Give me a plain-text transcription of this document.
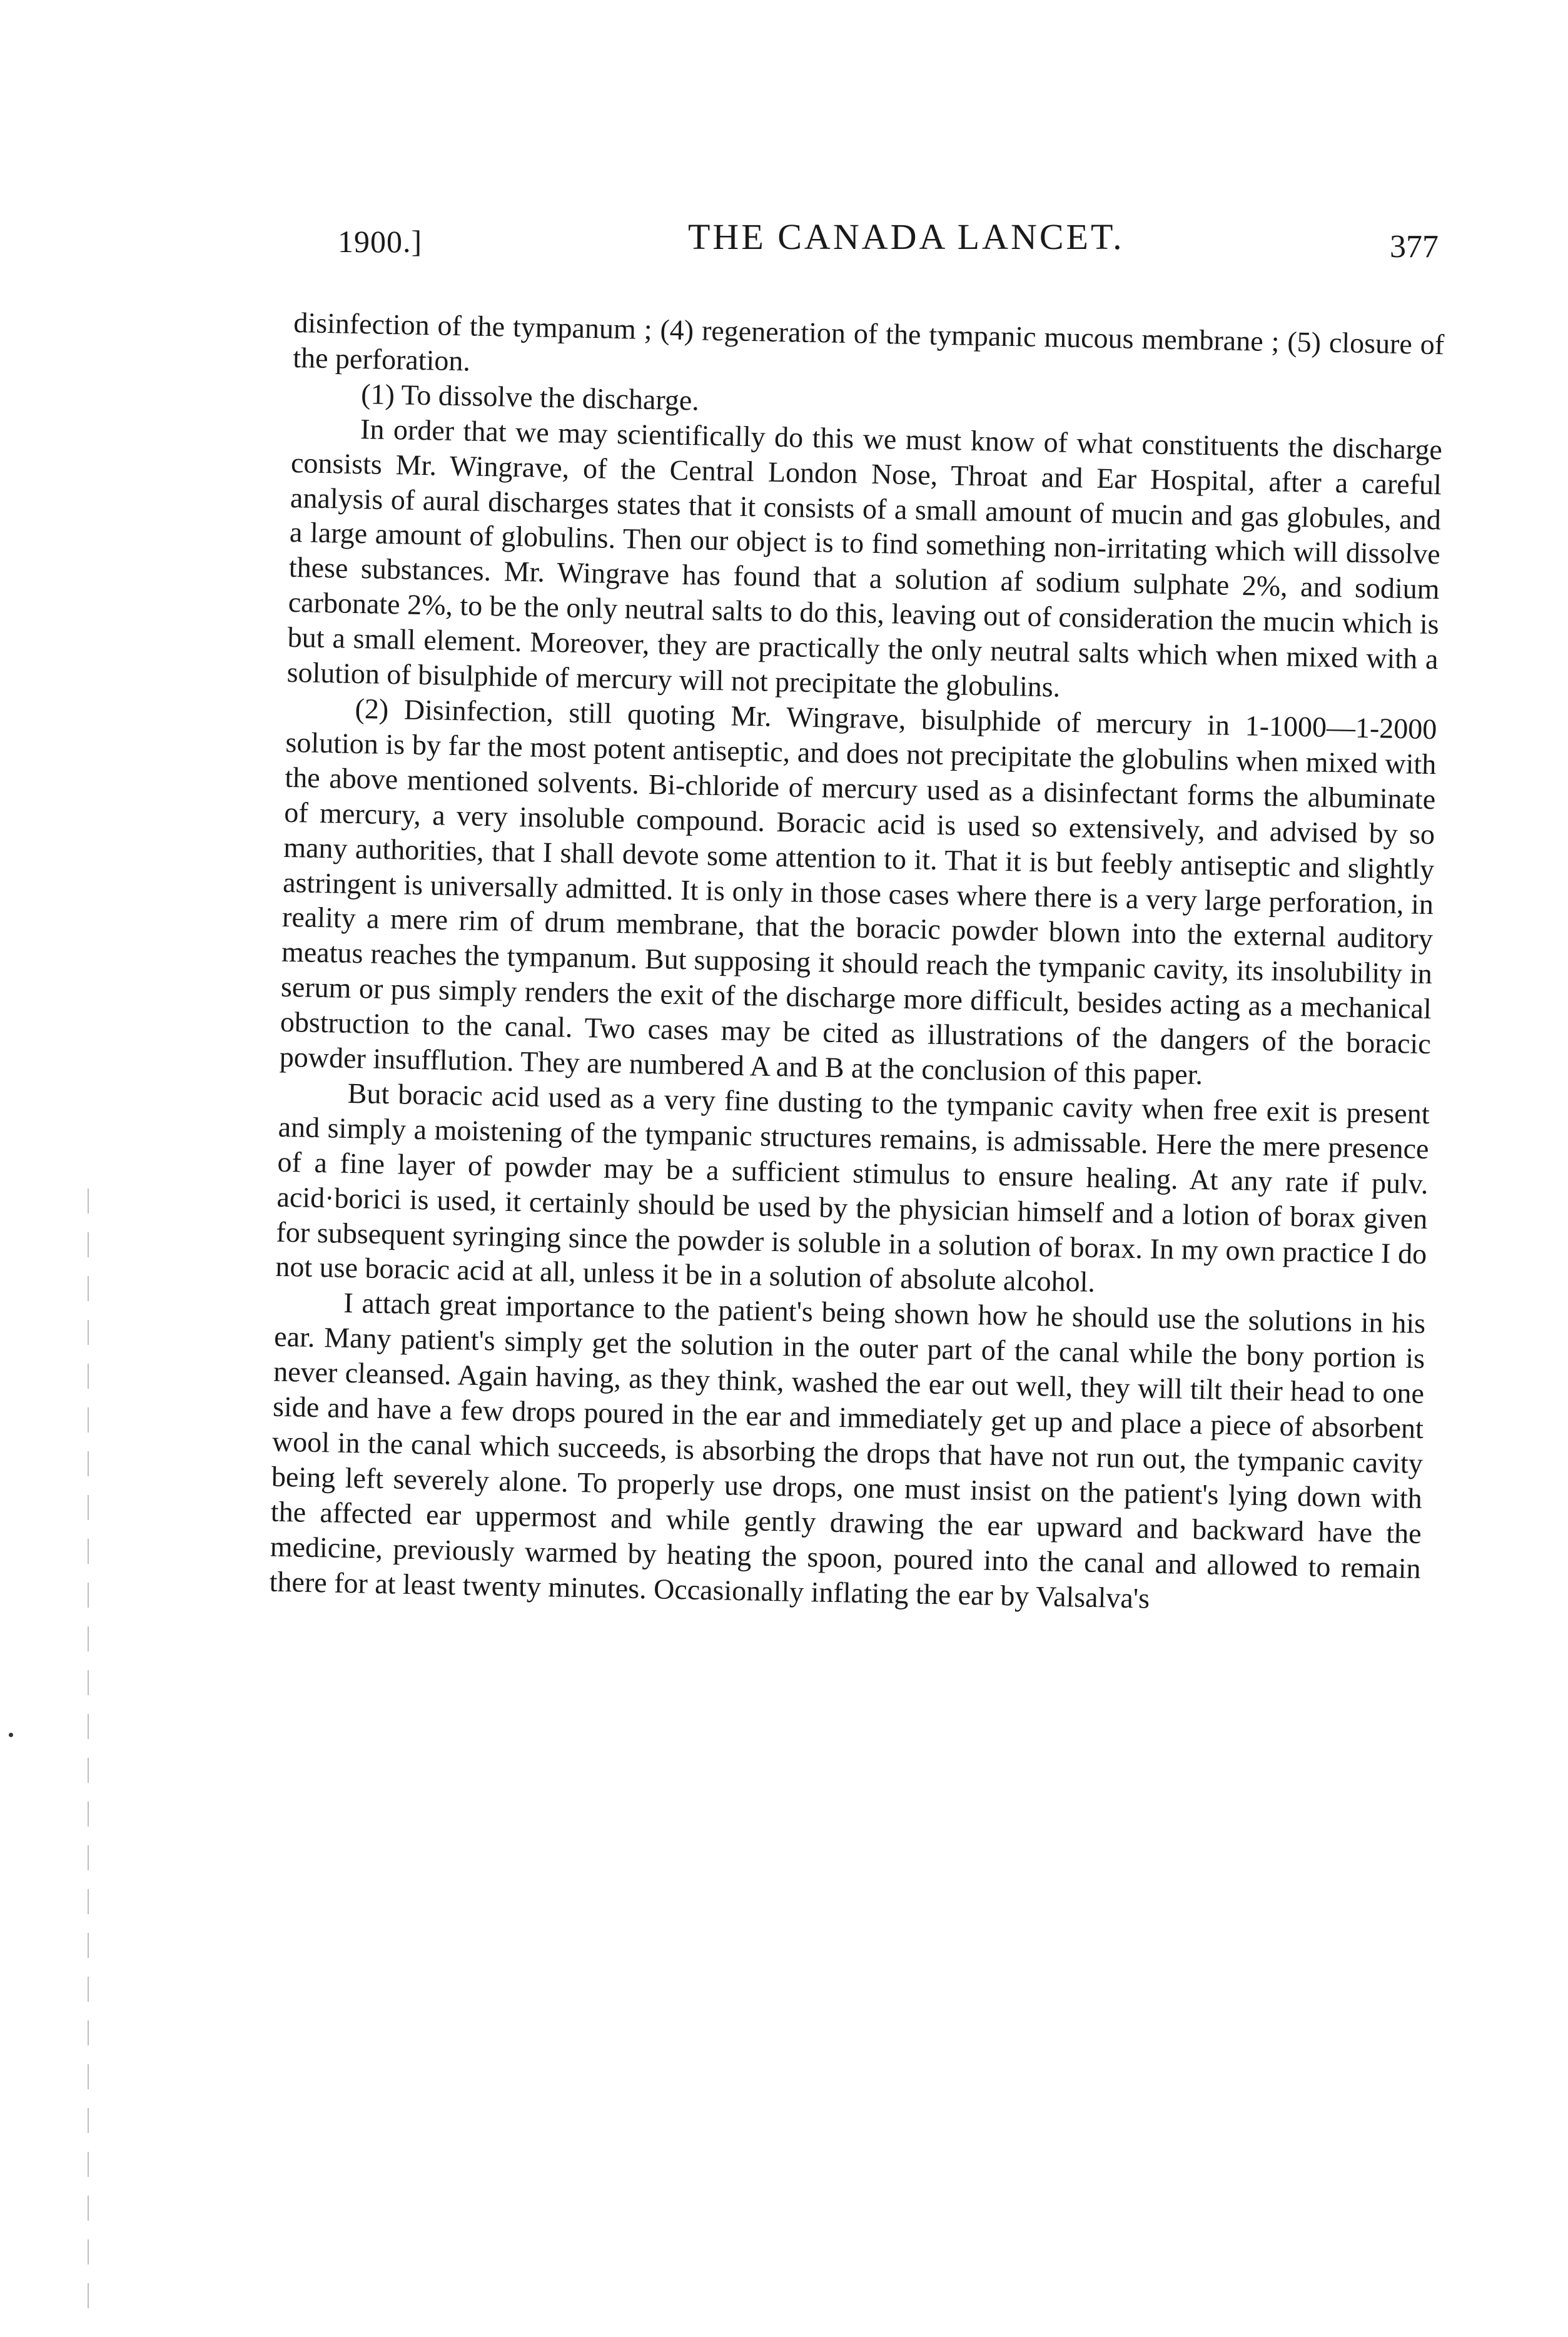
1900.]	THE CANADA LANCET.	377

disinfection of the tympanum ; (4) regeneration of the tympanic mucous membrane ; (5) closure of the perforation.

(1) To dissolve the discharge.

In order that we may scientifically do this we must know of what constituents the discharge consists Mr. Wingrave, of the Central London Nose, Throat and Ear Hospital, after a careful analysis of aural discharges states that it consists of a small amount of mucin and gas globules, and a large amount of globulins. Then our object is to find something non-irritating which will dissolve these substances. Mr. Wingrave has found that a solution af sodium sulphate 2%, and sodium carbonate 2%, to be the only neutral salts to do this, leaving out of consideration the mucin which is but a small element. Moreover, they are practically the only neutral salts which when mixed with a solution of bisulphide of mercury will not precipitate the globulins.

(2) Disinfection, still quoting Mr. Wingrave, bisulphide of mercury in 1-1000—1-2000 solution is by far the most potent antiseptic, and does not precipitate the globulins when mixed with the above mentioned solvents. Bi-chloride of mercury used as a disinfectant forms the albuminate of mercury, a very insoluble compound. Boracic acid is used so extensively, and advised by so many authorities, that I shall devote some attention to it. That it is but feebly antiseptic and slightly astringent is universally admitted. It is only in those cases where there is a very large perforation, in reality a mere rim of drum membrane, that the boracic powder blown into the external auditory meatus reaches the tympanum. But supposing it should reach the tympanic cavity, its insolubility in serum or pus simply renders the exit of the discharge more difficult, besides acting as a mechanical obstruction to the canal. Two cases may be cited as illustrations of the dangers of the boracic powder insufflution. They are numbered A and B at the conclusion of this paper.

But boracic acid used as a very fine dusting to the tympanic cavity when free exit is present and simply a moistening of the tympanic structures remains, is admissable. Here the mere presence of a fine layer of powder may be a sufficient stimulus to ensure healing. At any rate if pulv. acid·borici is used, it certainly should be used by the physician himself and a lotion of borax given for subsequent syringing since the powder is soluble in a solution of borax. In my own practice I do not use boracic acid at all, unless it be in a solution of absolute alcohol.

I attach great importance to the patient's being shown how he should use the solutions in his ear. Many patient's simply get the solution in the outer part of the canal while the bony portion is never cleansed. Again having, as they think, washed the ear out well, they will tilt their head to one side and have a few drops poured in the ear and immediately get up and place a piece of absorbent wool in the canal which succeeds, is absorbing the drops that have not run out, the tympanic cavity being left severely alone. To properly use drops, one must insist on the patient's lying down with the affected ear uppermost and while gently drawing the ear upward and backward have the medicine, previously warmed by heating the spoon, poured into the canal and allowed to remain there for at least twenty minutes. Occasionally inflating the ear by Valsalva's
